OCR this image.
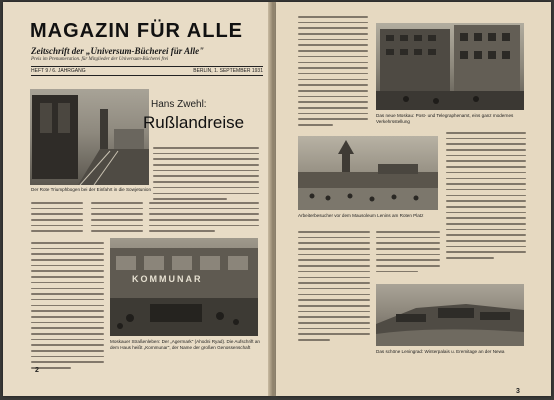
MAGAZIN FÜR ALLE
Zeitschrift der „Universum-Bücherei für Alle"
Preis im Prenumeration. für Mitglieder der Universum-Bücherei frei
HEFT 9 / 6. JAHRGANG	BERLIN, 1. SEPTEMBER 1931
Der Rote Triumphbogen bei der Einfahrt in die Sowjetunion
Hans Zwehl:
Rußlandreise
KOMMUNAR
Moskauer Straßenleben: Der „Agermark" (Ahodni Ryad). Die Aufschrift an dem Haus heißt „Kommunar", der Name der großen Genossenschaft
2
Das neue Moskau: Post- und Telegraphenamt, eins ganz modernes Verkehrsstellung
Arbeiterbesucher vor dem Mausoleum Lenins am Roten Platz
Das schöne Leningrad: Winterpalais u. Eremitage an der Newa
3
